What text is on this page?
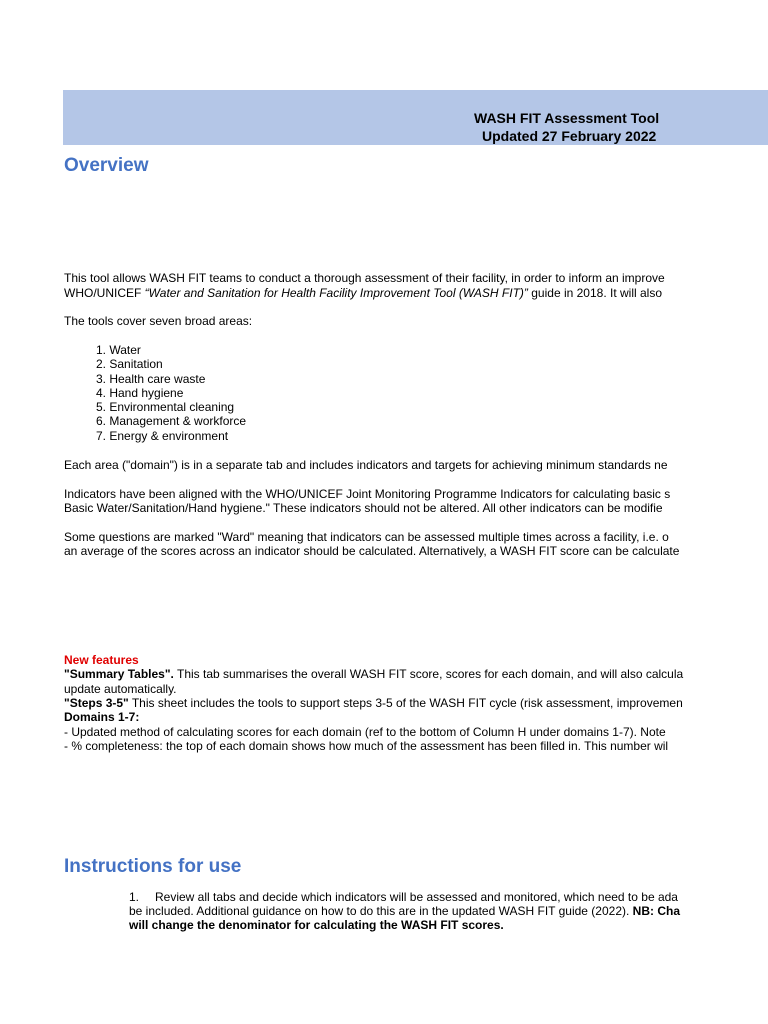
WASH FIT Assessment Tool
Updated 27 February 2022
Overview
This tool allows WASH FIT teams to conduct a thorough assessment of their facility, in order to inform an improve
WHO/UNICEF “Water and Sanitation for Health Facility Improvement Tool (WASH FIT)” guide in 2018. It will also
The tools cover seven broad areas:
1. Water
2. Sanitation
3. Health care waste
4. Hand hygiene
5. Environmental cleaning
6. Management & workforce
7. Energy & environment
Each area ("domain") is in a separate tab and includes indicators and targets for achieving minimum standards ne
Indicators have been aligned with the WHO/UNICEF Joint Monitoring Programme Indicators for calculating basic s
Basic Water/Sanitation/Hand hygiene." These indicators should not be altered. All other indicators can be modifie
Some questions are marked "Ward" meaning that indicators can be assessed multiple times across a facility, i.e. o
an average of the scores across an indicator should be calculated. Alternatively, a WASH FIT score can be calculate
New features
"Summary Tables". This tab summarises the overall WASH FIT score, scores for each domain, and will also calcula
update automatically.
"Steps 3-5" This sheet includes the tools to support steps 3-5 of the WASH FIT cycle (risk assessment, improvemen
Domains 1-7:
- Updated method of calculating scores for each domain (ref to the bottom of Column H under domains 1-7). Note
- % completeness: the top of each domain shows how much of the assessment has been filled in. This number wil
Instructions for use
1. Review all tabs and decide which indicators will be assessed and monitored, which need to be ada
be included. Additional guidance on how to do this are in the updated WASH FIT guide (2022). NB: Cha
will change the denominator for calculating the WASH FIT scores.
